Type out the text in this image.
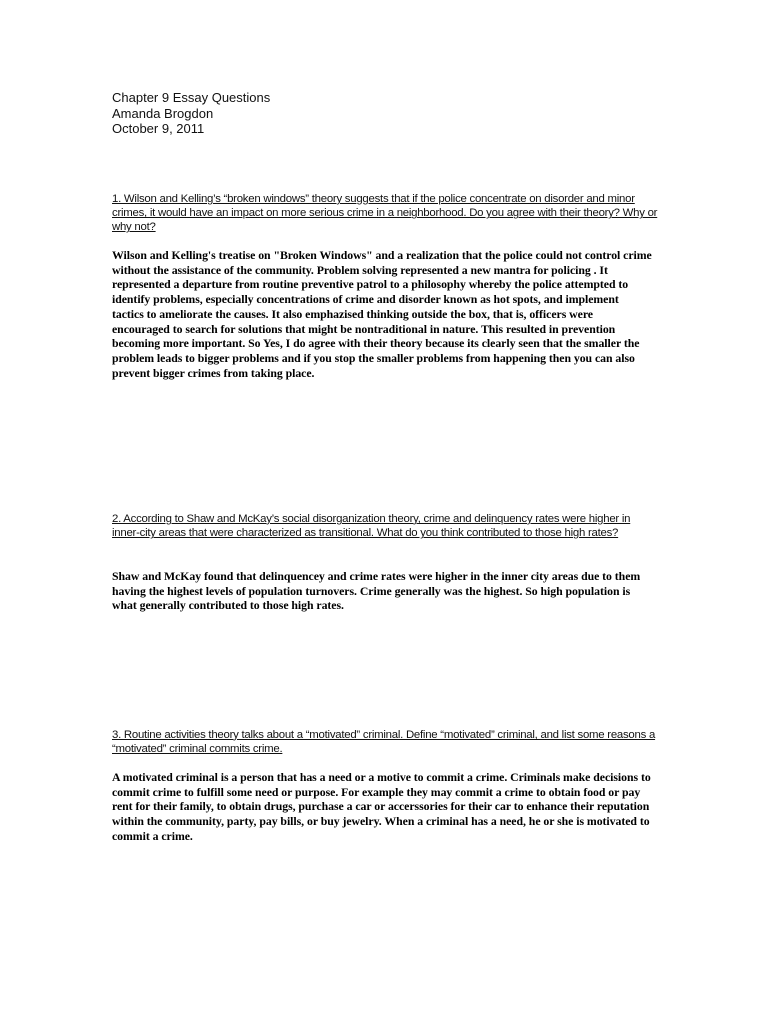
Chapter 9 Essay Questions
Amanda Brogdon
October 9, 2011
1. Wilson and Kelling’s “broken windows” theory suggests that if the police concentrate on disorder and minor crimes, it would have an impact on more serious crime in a neighborhood. Do you agree with their theory? Why or why not?
Wilson and Kelling's treatise on "Broken Windows" and a realization that the police could not control crime without the assistance of the community. Problem solving represented a new mantra for policing . It represented a departure from routine preventive patrol to a philosophy whereby the police attempted to identify problems, especially concentrations of crime and disorder known as hot spots, and implement tactics to ameliorate the causes. It also emphazised thinking outside the box, that is, officers were encouraged to search for solutions that might be nontraditional in nature. This resulted in prevention becoming more important. So Yes, I do agree with their theory because its clearly seen that the smaller the problem leads to bigger problems and if you stop the smaller problems from happening then you can also prevent bigger crimes from taking place.
2. According to Shaw and McKay’s social disorganization theory, crime and delinquency rates were higher in inner-city areas that were characterized as transitional. What do you think contributed to those high rates?
Shaw and McKay found that delinquencey and crime rates were higher in the inner city areas due to them having the highest levels of population turnovers. Crime generally was the highest. So high population is what generally contributed to those high rates.
3. Routine activities theory talks about a “motivated” criminal. Define “motivated” criminal, and list some reasons a “motivated” criminal commits crime.
A motivated criminal is a person that has a need or a motive to commit a crime. Criminals make decisions to commit crime to fulfill some need or purpose. For example they may commit a crime to obtain food or pay rent for their family, to obtain drugs, purchase a car or accerssories for their car to enhance their reputation within the community, party, pay bills, or buy jewelry. When a criminal has a need, he or she is motivated to commit a crime.
